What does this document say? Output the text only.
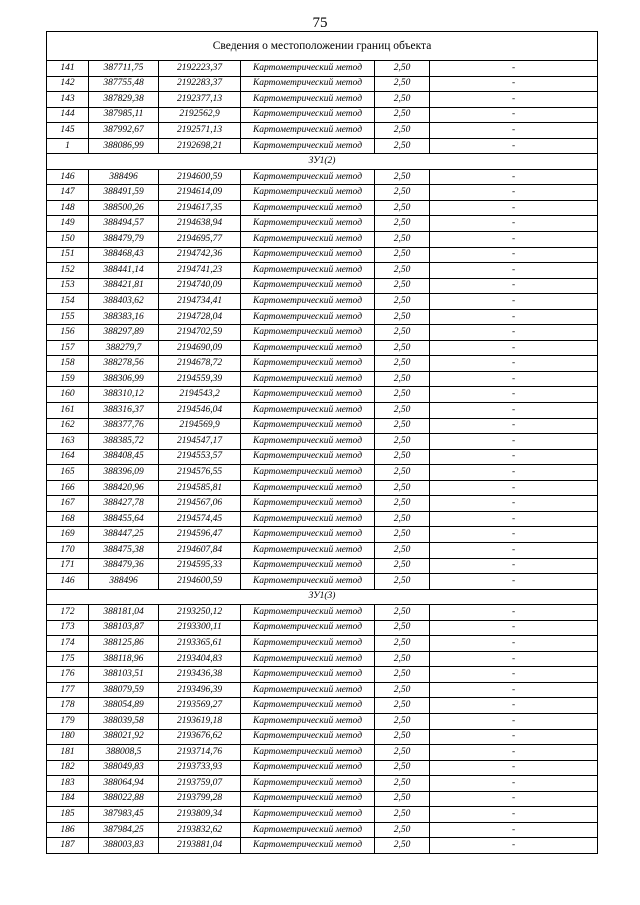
75
Сведения о местоположении границ объекта					
141	387711,75	2192223,37	Картометрический метод	2,50	-
142	387755,48	2192283,37	Картометрический метод	2,50	-
143	387829,38	2192377,13	Картометрический метод	2,50	-
144	387985,11	2192562,9	Картометрический метод	2,50	-
145	387992,67	2192571,13	Картометрический метод	2,50	-
1	388086,99	2192698,21	Картометрический метод	2,50	-
ЗУ1(2)					
146	388496	2194600,59	Картометрический метод	2,50	-
147	388491,59	2194614,09	Картометрический метод	2,50	-
148	388500,26	2194617,35	Картометрический метод	2,50	-
149	388494,57	2194638,94	Картометрический метод	2,50	-
150	388479,79	2194695,77	Картометрический метод	2,50	-
151	388468,43	2194742,36	Картометрический метод	2,50	-
152	388441,14	2194741,23	Картометрический метод	2,50	-
153	388421,81	2194740,09	Картометрический метод	2,50	-
154	388403,62	2194734,41	Картометрический метод	2,50	-
155	388383,16	2194728,04	Картометрический метод	2,50	-
156	388297,89	2194702,59	Картометрический метод	2,50	-
157	388279,7	2194690,09	Картометрический метод	2,50	-
158	388278,56	2194678,72	Картометрический метод	2,50	-
159	388306,99	2194559,39	Картометрический метод	2,50	-
160	388310,12	2194543,2	Картометрический метод	2,50	-
161	388316,37	2194546,04	Картометрический метод	2,50	-
162	388377,76	2194569,9	Картометрический метод	2,50	-
163	388385,72	2194547,17	Картометрический метод	2,50	-
164	388408,45	2194553,57	Картометрический метод	2,50	-
165	388396,09	2194576,55	Картометрический метод	2,50	-
166	388420,96	2194585,81	Картометрический метод	2,50	-
167	388427,78	2194567,06	Картометрический метод	2,50	-
168	388455,64	2194574,45	Картометрический метод	2,50	-
169	388447,25	2194596,47	Картометрический метод	2,50	-
170	388475,38	2194607,84	Картометрический метод	2,50	-
171	388479,36	2194595,33	Картометрический метод	2,50	-
146	388496	2194600,59	Картометрический метод	2,50	-
ЗУ1(3)					
172	388181,04	2193250,12	Картометрический метод	2,50	-
173	388103,87	2193300,11	Картометрический метод	2,50	-
174	388125,86	2193365,61	Картометрический метод	2,50	-
175	388118,96	2193404,83	Картометрический метод	2,50	-
176	388103,51	2193436,38	Картометрический метод	2,50	-
177	388079,59	2193496,39	Картометрический метод	2,50	-
178	388054,89	2193569,27	Картометрический метод	2,50	-
179	388039,58	2193619,18	Картометрический метод	2,50	-
180	388021,92	2193676,62	Картометрический метод	2,50	-
181	388008,5	2193714,76	Картометрический метод	2,50	-
182	388049,83	2193733,93	Картометрический метод	2,50	-
183	388064,94	2193759,07	Картометрический метод	2,50	-
184	388022,88	2193799,28	Картометрический метод	2,50	-
185	387983,45	2193809,34	Картометрический метод	2,50	-
186	387984,25	2193832,62	Картометрический метод	2,50	-
187	388003,83	2193881,04	Картометрический метод	2,50	-
